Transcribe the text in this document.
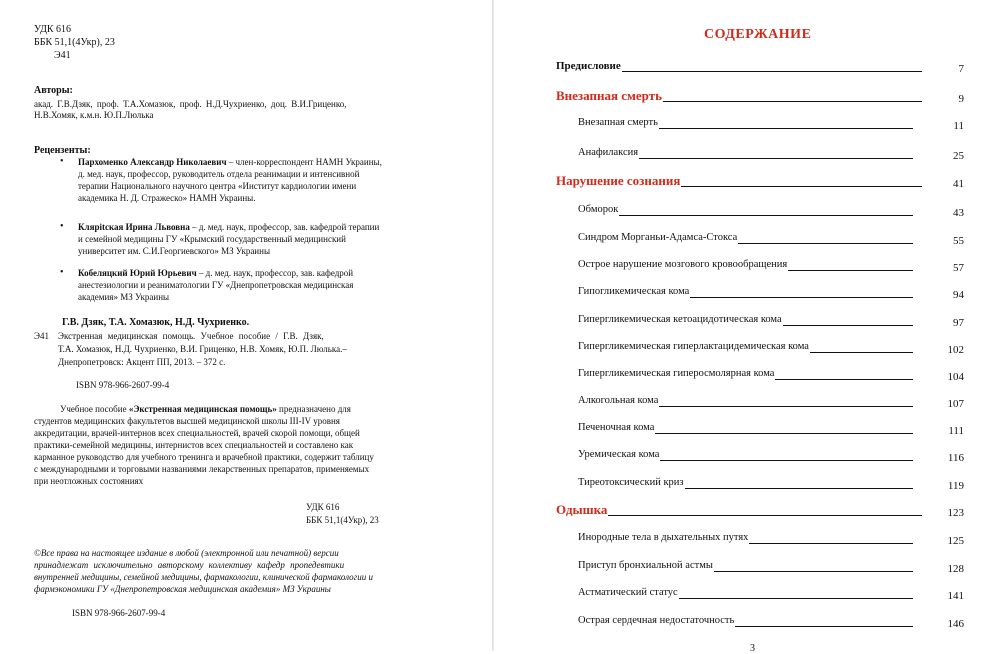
УДК 616
ББК 51,1(4Укр), 23
Э41
Авторы:
акад. Г.В.Дзяк, проф. Т.А.Хомазюк, проф. Н.Д.Чухриенко, доц. В.И.Гриценко,
Н.В.Хомяк, к.м.н. Ю.П.Люлька
Рецензенты:
• Пархоменко Александр Николаевич – член-корреспондент НАМН Украины,
д. мед. наук, профессор, руководитель отдела реанимации и интенсивной
терапии Национального научного центра «Институт кардиологии имени
академика Н. Д. Стражеско» НАМН Украины.
• Клярitская Ирина Львовна – д. мед. наук, профессор, зав. кафедрой терапии
и семейной медицины ГУ «Крымский государственный медицинский
университет им. С.И.Георгиевского» МЗ Украины
• Кобеляцкий Юрий Юрьевич – д. мед. наук, профессор, зав. кафедрой
анестезиологии и реаниматологии ГУ «Днепропетровская медицинская
академия» МЗ Украины
Г.В. Дзяк, Т.А. Хомазюк, Н.Д. Чухриенко.
Э41 Экстренная медицинская помощь. Учебное пособие / Г.В. Дзяк,
Т.А. Хомазюк, Н.Д. Чухриенко, В.И. Гриценко, Н.В. Хомяк, Ю.П. Люлька.–
Днепропетровск: Акцент ПП, 2013. – 372 с.
ISBN 978-966-2607-99-4
Учебное пособие «Экстренная медицинская помощь» предназначено для
студентов медицинских факультетов высшей медицинской школы III-IV уровня
аккредитации, врачей-интернов всех специальностей, врачей скорой помощи, общей
практики-семейной медицины, интернистов всех специальностей и составлено как
карманное руководство для учебного тренинга и врачебной практики, содержит таблицу
с международными и торговыми названиями лекарственных препаратов, применяемых
при неотложных состояниях
УДК 616
ББК 51,1(4Укр), 23
©Все права на настоящее издание в любой (электронной или печатной) версии
принадлежат исключительно авторскому коллективу кафедр пропедевтики
внутренней медицины, семейной медицины, фармакологии, клинической фармакологии и
фармэкономики ГУ «Днепропетровская медицинская академия» МЗ Украины
ISBN 978-966-2607-99-4
СОДЕРЖАНИЕ
Предисловие	7
Внезапная смерть	9
Внезапная смерть	11
Анафилаксия	25
Нарушение сознания	41
Обморок	43
Синдром Морганьи-Адамса-Стокса	55
Острое нарушение мозгового кровообращения	57
Гипогликемическая кома	94
Гипергликемическая кетоацидотическая кома	97
Гипергликемическая гиперлактацидемическая кома	102
Гипергликемическая гиперосмолярная кома	104
Алкогольная кома	107
Печеночная кома	111
Уремическая кома	116
Тиреотоксический криз	119
Одышка	123
Инородные тела в дыхательных путях	125
Приступ бронхиальной астмы	128
Астматический статус	141
Острая сердечная недостаточность	146
3
